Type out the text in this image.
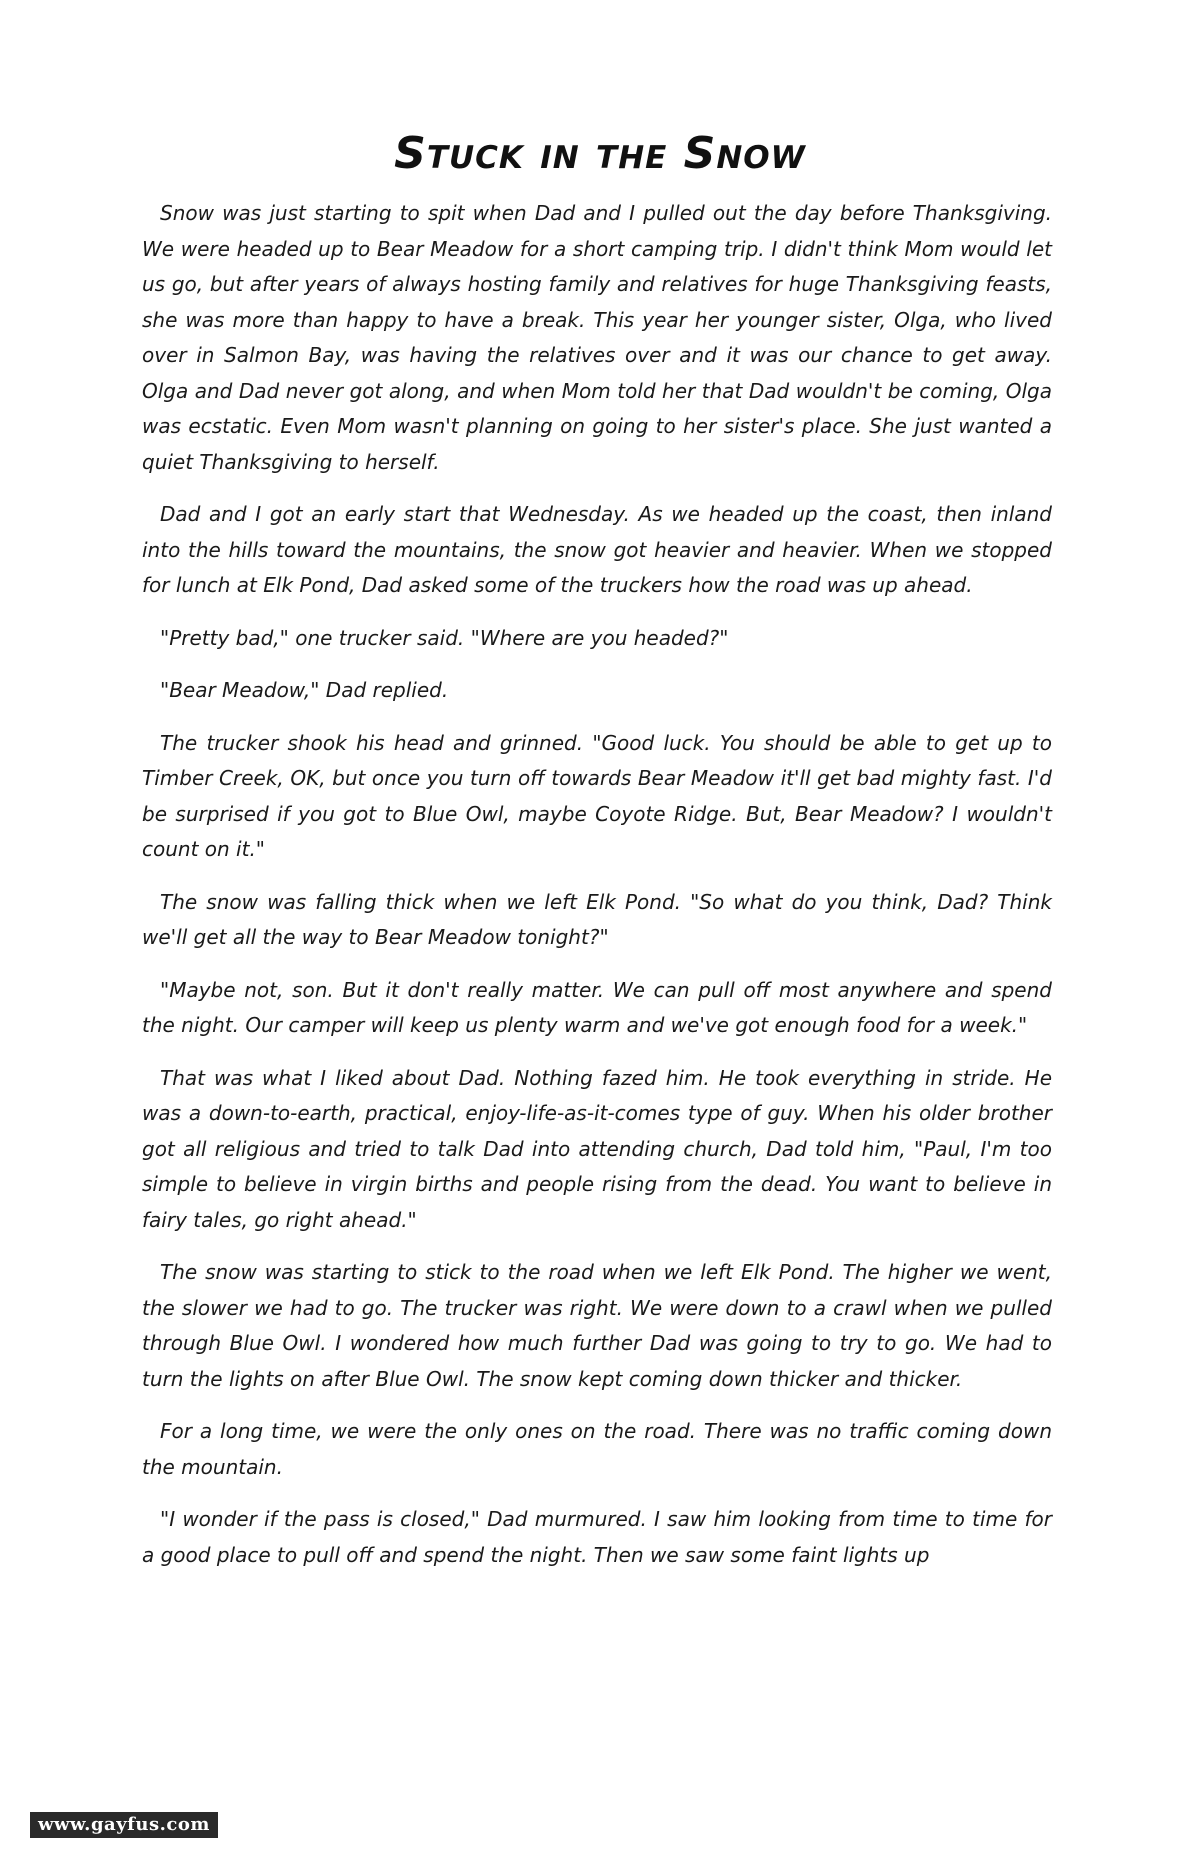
Stuck in the Snow

Snow was just starting to spit when Dad and I pulled out the day before Thanksgiving. We were headed up to Bear Meadow for a short camping trip. I didn't think Mom would let us go, but after years of always hosting family and relatives for huge Thanksgiving feasts, she was more than happy to have a break. This year her younger sister, Olga, who lived over in Salmon Bay, was having the relatives over and it was our chance to get away. Olga and Dad never got along, and when Mom told her that Dad wouldn't be coming, Olga was ecstatic. Even Mom wasn't planning on going to her sister's place. She just wanted a quiet Thanksgiving to herself.

Dad and I got an early start that Wednesday. As we headed up the coast, then inland into the hills toward the mountains, the snow got heavier and heavier. When we stopped for lunch at Elk Pond, Dad asked some of the truckers how the road was up ahead.

"Pretty bad," one trucker said. "Where are you headed?"

"Bear Meadow," Dad replied.

The trucker shook his head and grinned. "Good luck. You should be able to get up to Timber Creek, OK, but once you turn off towards Bear Meadow it'll get bad mighty fast. I'd be surprised if you got to Blue Owl, maybe Coyote Ridge. But, Bear Meadow? I wouldn't count on it."

The snow was falling thick when we left Elk Pond. "So what do you think, Dad? Think we'll get all the way to Bear Meadow tonight?"

"Maybe not, son. But it don't really matter. We can pull off most anywhere and spend the night. Our camper will keep us plenty warm and we've got enough food for a week."

That was what I liked about Dad. Nothing fazed him. He took everything in stride. He was a down-to-earth, practical, enjoy-life-as-it-comes type of guy. When his older brother got all religious and tried to talk Dad into attending church, Dad told him, "Paul, I'm too simple to believe in virgin births and people rising from the dead. You want to believe in fairy tales, go right ahead."

The snow was starting to stick to the road when we left Elk Pond. The higher we went, the slower we had to go. The trucker was right. We were down to a crawl when we pulled through Blue Owl. I wondered how much further Dad was going to try to go. We had to turn the lights on after Blue Owl. The snow kept coming down thicker and thicker.

For a long time, we were the only ones on the road. There was no traffic coming down the mountain.

"I wonder if the pass is closed," Dad murmured. I saw him looking from time to time for a good place to pull off and spend the night. Then we saw some faint lights up

www.gayfus.com
